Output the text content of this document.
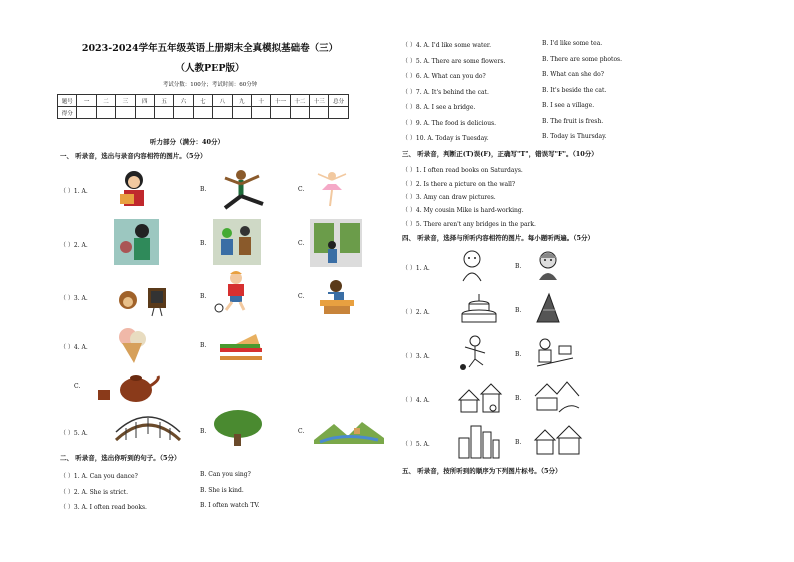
2023-2024学年五年级英语上册期末全真模拟基础卷（三）
（人教PEP版）
考试分数：100分；考试时间：60分钟
题号	一	二	三	四	五	六	七	八	九	十	十一	十二	十三	总分
得分														
听力部分（满分：40分）
一、 听录音，选出与录音内容相符的图片。（5分）
（ ）1. A.	B.	C.
（ ）2. A.	B.	C.
（ ）3. A.	B.	C.
（ ）4. A.	B.
C.
（ ）5. A.	B.	C.
二、 听录音，选出你听到的句子。（5分）
（ ）1. A. Can you dance?	B. Can you sing?
（ ）2. A. She is strict.	B. She is kind.
（ ）3. A. I often read books.	B. I often watch TV.
（ ）4. A. I'd like some water.	B. I'd like some tea.
（ ）5. A. There are some flowers.	B. There are some photos.
（ ）6. A. What can you do?	B. What can she do?
（ ）7. A. It's behind the cat.	B. It's beside the cat.
（ ）8. A. I see a bridge.	B. I see a village.
（ ）9. A. The food is delicious.	B. The fruit is fresh.
（ ）10. A. Today is Tuesday.	B. Today is Thursday.
三、 听录音，判断正(T)误(F)，正确写"T"，错误写"F"。（10分）
（ ）1. I often read books on Saturdays.
（ ）2. Is there a picture on the wall?
（ ）3. Amy can draw pictures.
（ ）4. My cousin Mike is hard-working.
（ ）5. There aren't any bridges in the park.
四、 听录音，选择与所听内容相符的图片。每小题听两遍。（5分）
（ ）1. A.	B.
（ ）2. A.	B.
（ ）3. A.	B.
（ ）4. A.	B.
（ ）5. A.	B.
五、 听录音，按所听到的顺序为下列图片标号。（5分）
